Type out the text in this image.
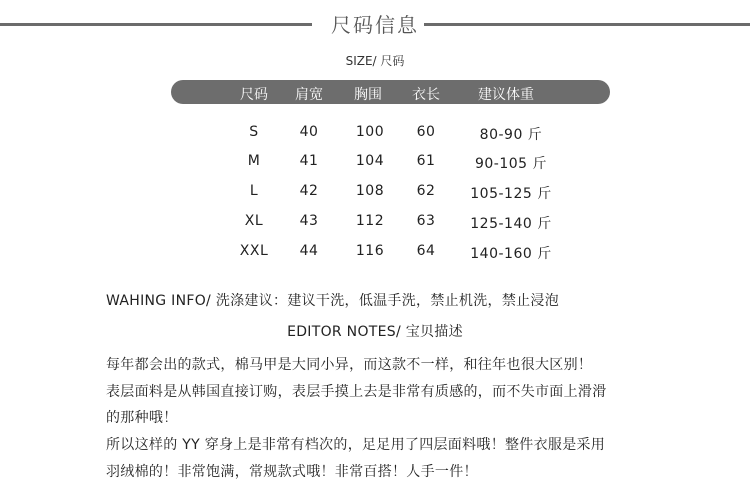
尺码信息
SIZE/ 尺码
尺码 肩宽 胸围 衣长	建议体重
S	40	100 60	80-90 斤
M	41	104 61	90-105 斤
L	42	108 62 105-125 斤
XL	43	112 63 125-140 斤
XXL 44	116 64 140-160 斤
WAHING INFO/ 洗涤建议：建议干洗，低温手洗，禁止机洗，禁止浸泡
EDITOR NOTES/ 宝贝描述
每年都会出的款式，棉马甲是大同小异，而这款不一样，和往年也很大区别！
表层面料是从韩国直接订购，表层手摸上去是非常有质感的，而不失市面上滑滑
的那种哦！
所以这样的 YY 穿身上是非常有档次的，足足用了四层面料哦！整件衣服是采用
羽绒棉的！非常饱满，常规款式哦！非常百搭！人手一件！
